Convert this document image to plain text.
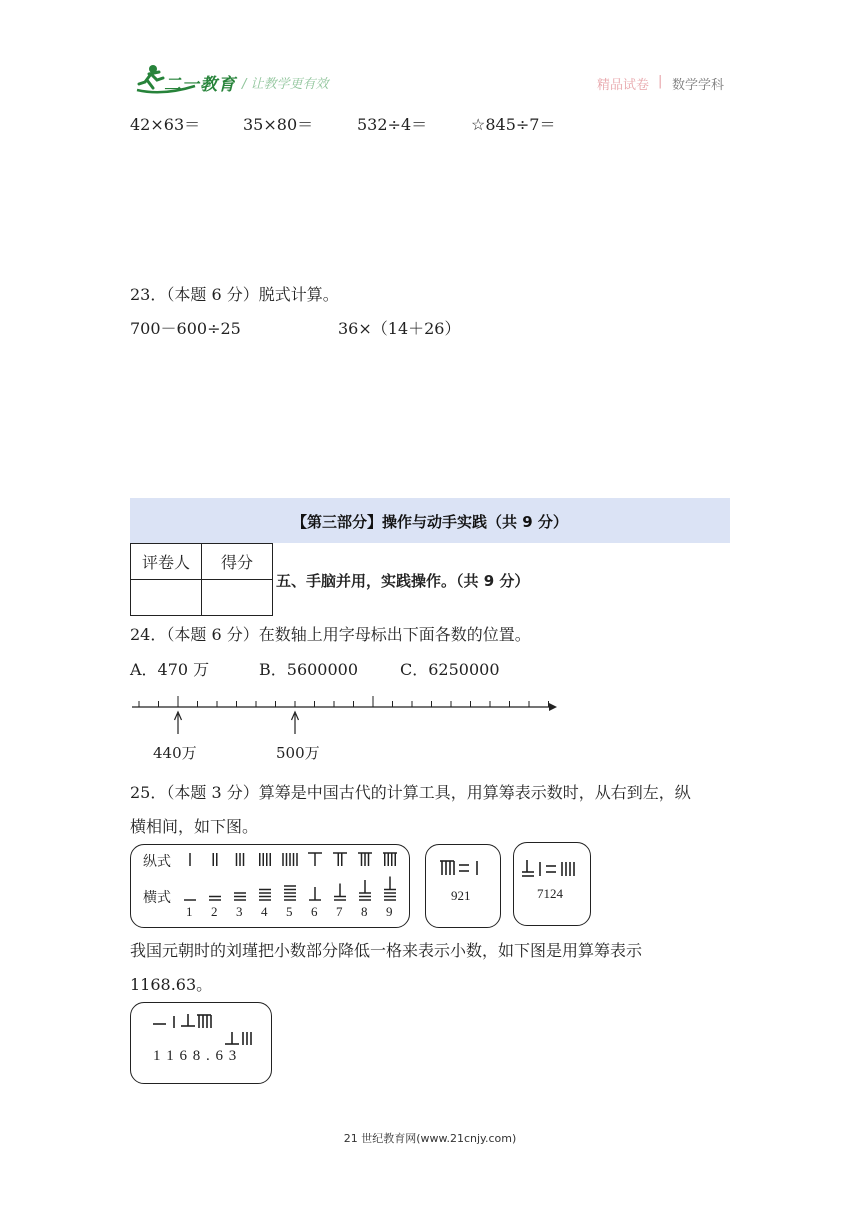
二一教育 / 让教学更有效	精品试卷 | 数学学科
42×63＝	35×80＝	532÷4＝	☆845÷7＝
23．（本题 6 分）脱式计算。
700－600÷25	36×（14＋26）
【第三部分】操作与动手实践（共 9 分）
评卷人	得分

五、手脑并用，实践操作。（共 9 分）
24．（本题 6 分）在数轴上用字母标出下面各数的位置。
A．470 万	B．5600000	C．6250000
440万	500万
25．（本题 3 分）算筹是中国古代的计算工具，用算筹表示数时，从右到左，纵
横相间，如下图。
纵式
横式
1 2 3 4 5 6 7 8 9
921	7124
我国元朝时的刘瑾把小数部分降低一格来表示小数，如下图是用算筹表示
1168.63。
1 1 6 8 . 6 3
21 世纪教育网(www.21cnjy.com)
